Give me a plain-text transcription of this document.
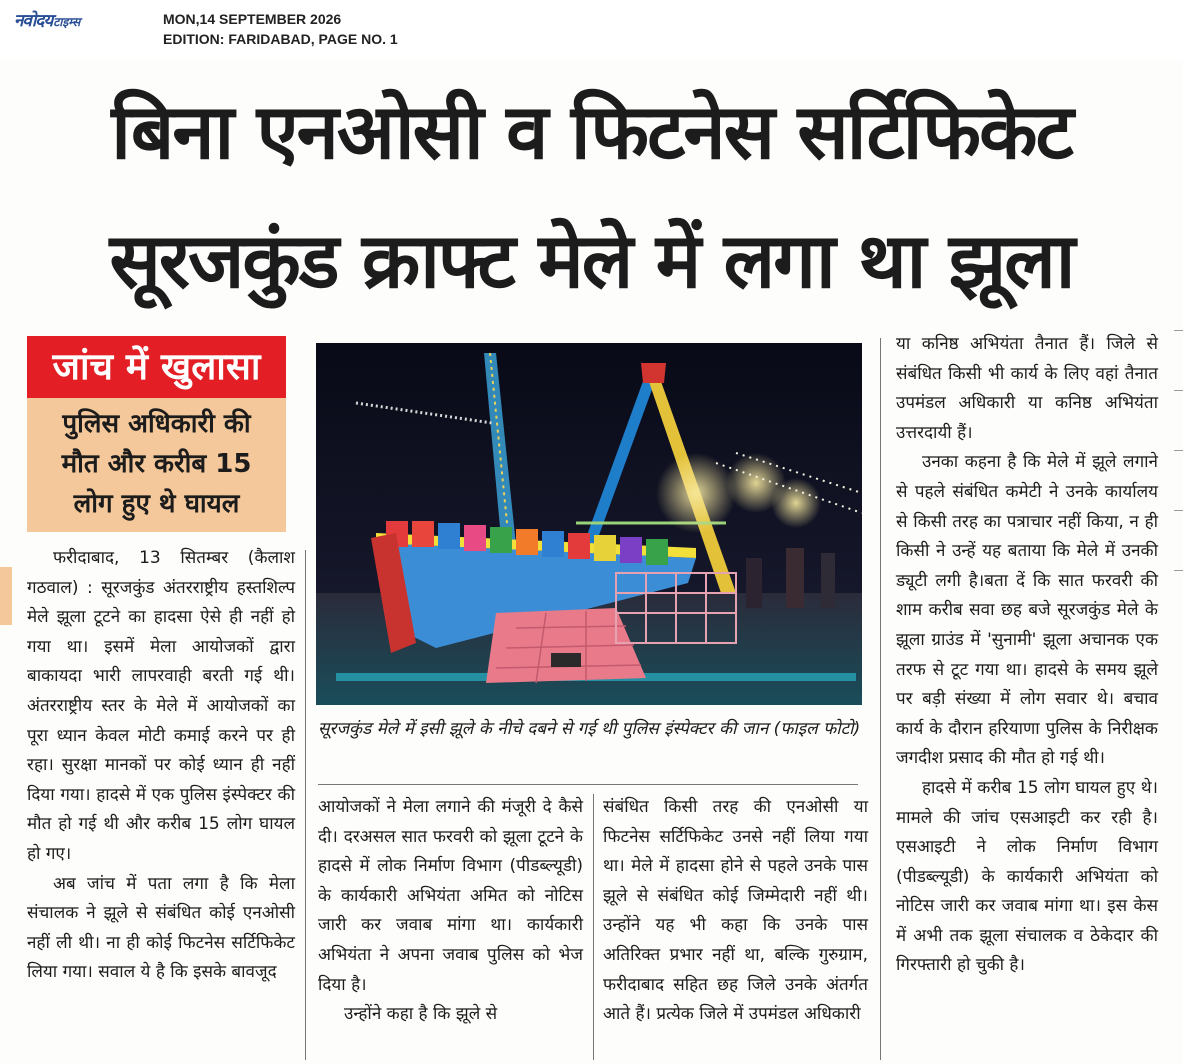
नवोदयटाइम्स	MON,14 SEPTEMBER 2026
EDITION: FARIDABAD, PAGE NO. 1
बिना एनओसी व फिटनेस सर्टिफिकेट
सूरजकुंड क्राफ्ट मेले में लगा था झूला
जांच में खुलासा
पुलिस अधिकारी की
मौत और करीब 15
लोग हुए थे घायल

फरीदाबाद, 13 सितम्बर (कैलाश गठवाल) : सूरजकुंड अंतरराष्ट्रीय हस्तशिल्प मेले झूला टूटने का हादसा ऐसे ही नहीं हो गया था। इसमें मेला आयोजकों द्वारा बाकायदा भारी लापरवाही बरती गई थी। अंतरराष्ट्रीय स्तर के मेले में आयोजकों का पूरा ध्यान केवल मोटी कमाई करने पर ही रहा। सुरक्षा मानकों पर कोई ध्यान ही नहीं दिया गया। हादसे में एक पुलिस इंस्पेक्टर की मौत हो गई थी और करीब 15 लोग घायल हो गए।

अब जांच में पता लगा है कि मेला संचालक ने झूले से संबंधित कोई एनओसी नहीं ली थी। ना ही कोई फिटनेस सर्टिफिकेट लिया गया। सवाल ये है कि इसके बावजूद

सूरजकुंड मेले में इसी झूले के नीचे दबने से गई थी पुलिस इंस्पेक्टर की जान (फाइल फोटो)

आयोजकों ने मेला लगाने की मंजूरी दे कैसे दी। दरअसल सात फरवरी को झूला टूटने के हादसे में लोक निर्माण विभाग (पीडब्ल्यूडी) के कार्यकारी अभियंता अमित को नोटिस जारी कर जवाब मांगा था। कार्यकारी अभियंता ने अपना जवाब पुलिस को भेज दिया है।

उन्होंने कहा है कि झूले से

संबंधित किसी तरह की एनओसी या फिटनेस सर्टिफिकेट उनसे नहीं लिया गया था। मेले में हादसा होने से पहले उनके पास झूले से संबंधित कोई जिम्मेदारी नहीं थी। उन्होंने यह भी कहा कि उनके पास अतिरिक्त प्रभार नहीं था, बल्कि गुरुग्राम, फरीदाबाद सहित छह जिले उनके अंतर्गत आते हैं। प्रत्येक जिले में उपमंडल अधिकारी

या कनिष्ठ अभियंता तैनात हैं। जिले से संबंधित किसी भी कार्य के लिए वहां तैनात उपमंडल अधिकारी या कनिष्ठ अभियंता उत्तरदायी हैं।

उनका कहना है कि मेले में झूले लगाने से पहले संबंधित कमेटी ने उनके कार्यालय से किसी तरह का पत्राचार नहीं किया, न ही किसी ने उन्हें यह बताया कि मेले में उनकी ड्यूटी लगी है।बता दें कि सात फरवरी की शाम करीब सवा छह बजे सूरजकुंड मेले के झूला ग्राउंड में 'सुनामी' झूला अचानक एक तरफ से टूट गया था। हादसे के समय झूले पर बड़ी संख्या में लोग सवार थे। बचाव कार्य के दौरान हरियाणा पुलिस के निरीक्षक जगदीश प्रसाद की मौत हो गई थी।

हादसे में करीब 15 लोग घायल हुए थे। मामले की जांच एसआइटी कर रही है। एसआइटी ने लोक निर्माण विभाग (पीडब्ल्यूडी) के कार्यकारी अभियंता को नोटिस जारी कर जवाब मांगा था। इस केस में अभी तक झूला संचालक व ठेकेदार की गिरफ्तारी हो चुकी है।
